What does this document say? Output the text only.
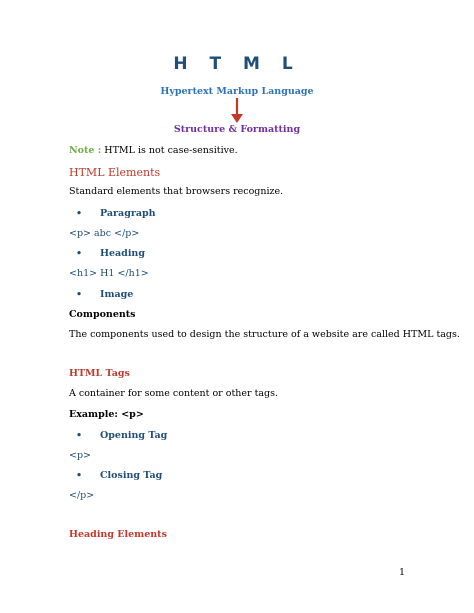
H T M L
Hypertext Markup Language
Structure & Formatting
Note : HTML is not case-sensitive.
HTML Elements
Standard elements that browsers recognize.
• Paragraph
<p> abc </p>
• Heading
<h1> H1 </h1>
• Image
Components
The components used to design the structure of a website are called HTML tags.
HTML Tags
A container for some content or other tags.
Example: <p>
• Opening Tag
<p>
• Closing Tag
</p>
Heading Elements
1
